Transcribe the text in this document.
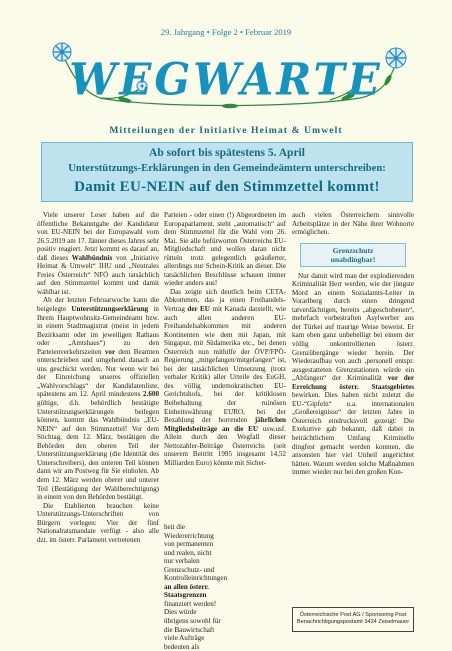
29. Jahrgang • Folge 2 • Februar 2019
WEGWARTE
Mitteilungen der Initiative Heimat & Umwelt
Ab sofort bis spätestens 5. April
Unterstützungs-Erklärungen in den Gemeindeämtern unterschreiben:
Damit EU-NEIN auf den Stimmzettel kommt!

Viele unserer Leser haben auf die öffentliche Bekanntgabe der Kandidatur von EU-NEIN bei der Europawahl vom 26.5.2019 am 17. Jänner dieses Jahres sehr positiv reagiert. Jetzt kommt es darauf an, daß dieses Wahlbündnis von „Initiative Heimat & Umwelt“ IHU und „Neutrales Freies Österreich“ NFÖ auch tatsächlich auf den Stimmzettel kommt und damit wählbar ist.

Ab der letzten Februarwoche kann die beigelegte Unterstützungserklärung in Ihrem Hauptwohnsitz-Gemeindeamt bzw. in einem Stadtmagistrat (meist in jedem Bezirksamt oder im jeweiligen Rathaus oder „Amtshaus“) zu den Parteienverkehrszeiten vor dem Beamten unterschrieben und umgehend danach an uns geschickt werden. Nur wenn wir bei der Einreichung unseres offiziellen „Wahlvorschlags“ der Kandidatenliste, spätestens am 12. April mindestens 2.600 gültige, d.h. behördlich bestätigte Unterstützungserklärungen beilegen können, kommt das Wahlbündnis „EU-NEIN“ auf den Stimmzettel! Vor dem Stichtag, dem 12. März, bestätigen die Behörden den oberen Teil der Unterstützungserklärung (die Identität des Unterschreibers), den unteren Teil können dann wir am Postweg für Sie einholen. Ab dem 12. März werden oberer und unterer Teil (Bestätigung der Wahlberechtigung) in einem von den Behörden bestätigt.

Die Etablierten brauchen keine Unterstützungs-Unterschriften von Bürgern vorlegen: Vier der fünf Nationalratsmandate verfügt - also alle dzt. im österr. Parlament vertretenen

Parteien - oder einen (!) Abgeordneten im Europaparlament, steht „automatisch“ auf dem Stimmzettel für die Wahl vom 26. Mai. Sie alle befürworten Österreichs EU-Mitgliedschaft und wollen daran nicht rütteln trotz gelegentlich geäußerter, allerdings nur Schein-Kritik an dieser. Die tatsächlichen Beschlüsse schauen immer wieder anders aus!

Das zeigte sich deutlich beim CETA-Abkommen, das ja einen Freihandels-Vertrag der EU mit Kanada darstellt, wie auch allen anderen EU-Freihandelsabkommen mit anderen Kontinenten wie dem mit Japan, mit Singapur, mit Südamerika etc., bei denen Österreich nun mithilfe der ÖVP/FPÖ-Regierung „mitgefangen/mitgefangen“ ist, bei der tatsächlichen Umsetzung (trotz verbaler Kritik) aller Urteile des EuGH, des völlig undemokratischen EU-Gerichtshofs, bei der kritiklosen Beibehaltung der ruinösen Einheitswährung EURO, bei der Bezahlung der horrenden jährlichen Mitgliedsbeiträge an die EU usw.usf. Allein durch den Wegfall dieser Nettozahler-Beiträge Österreichs (seit unserem Beitritt 1995 insgesamt 14,52 Milliarden Euro) könnte mit Sicher-

heit die Wiedererrichtung von permanenten und realen, nicht nur verbalen Grenzschutz- und Kontrolleinrichtungen an allen österr. Staatsgrenzen finanziert werden! Dies würde übrigens sowohl für die Bauwirtschaft viele Aufträge bedeuten als

auch vielen Österreichern sinnvolle Arbeitsplätze in der Nähe ihrer Wohnorte ermöglichen.

Grenzschutz
unabdingbar!

Nur damit wird man der explodierenden Kriminalität Herr werden, wie der jüngste Mord an einem Sozialamts-Leiter in Vorarlberg durch einen dringend tatverdächtigen, bereits „abgeschobenen“, mehrfach vorbestraften Asylwerber aus der Türkei auf traurige Weise beweist. Er kam eben ganz unbehelligt bei einem der völlig unkontrollierten österr. Grenzübergänge wieder herein. Der Wiederaufbau von auch ‚personell entspr. ausgestatteten Grenzstationen würde ein „Abfangen“ der Kriminalität vor der Erreichung österr. Staatsgebietes bewirken. Dies haben nicht zuletzt die EU-“Gipfeln“ u.a. internationalen „Großereignisse“ der letzten Jahre in Österreich eindrucksvoll gezeigt: Die Exekutive gab bekannt, daß dabei in beträchtlichem Umfang Kriminelle dingfest gemacht werden konnten, die ansonsten hier viel Unheil angerichtet hätten. Warum werden solche Maßnahmen immer wieder nur bei den großen Kon-

Österreichische Post AG / Sponsoring Post
Benachrichtigungspostamt 3424 Zeiselmauer
